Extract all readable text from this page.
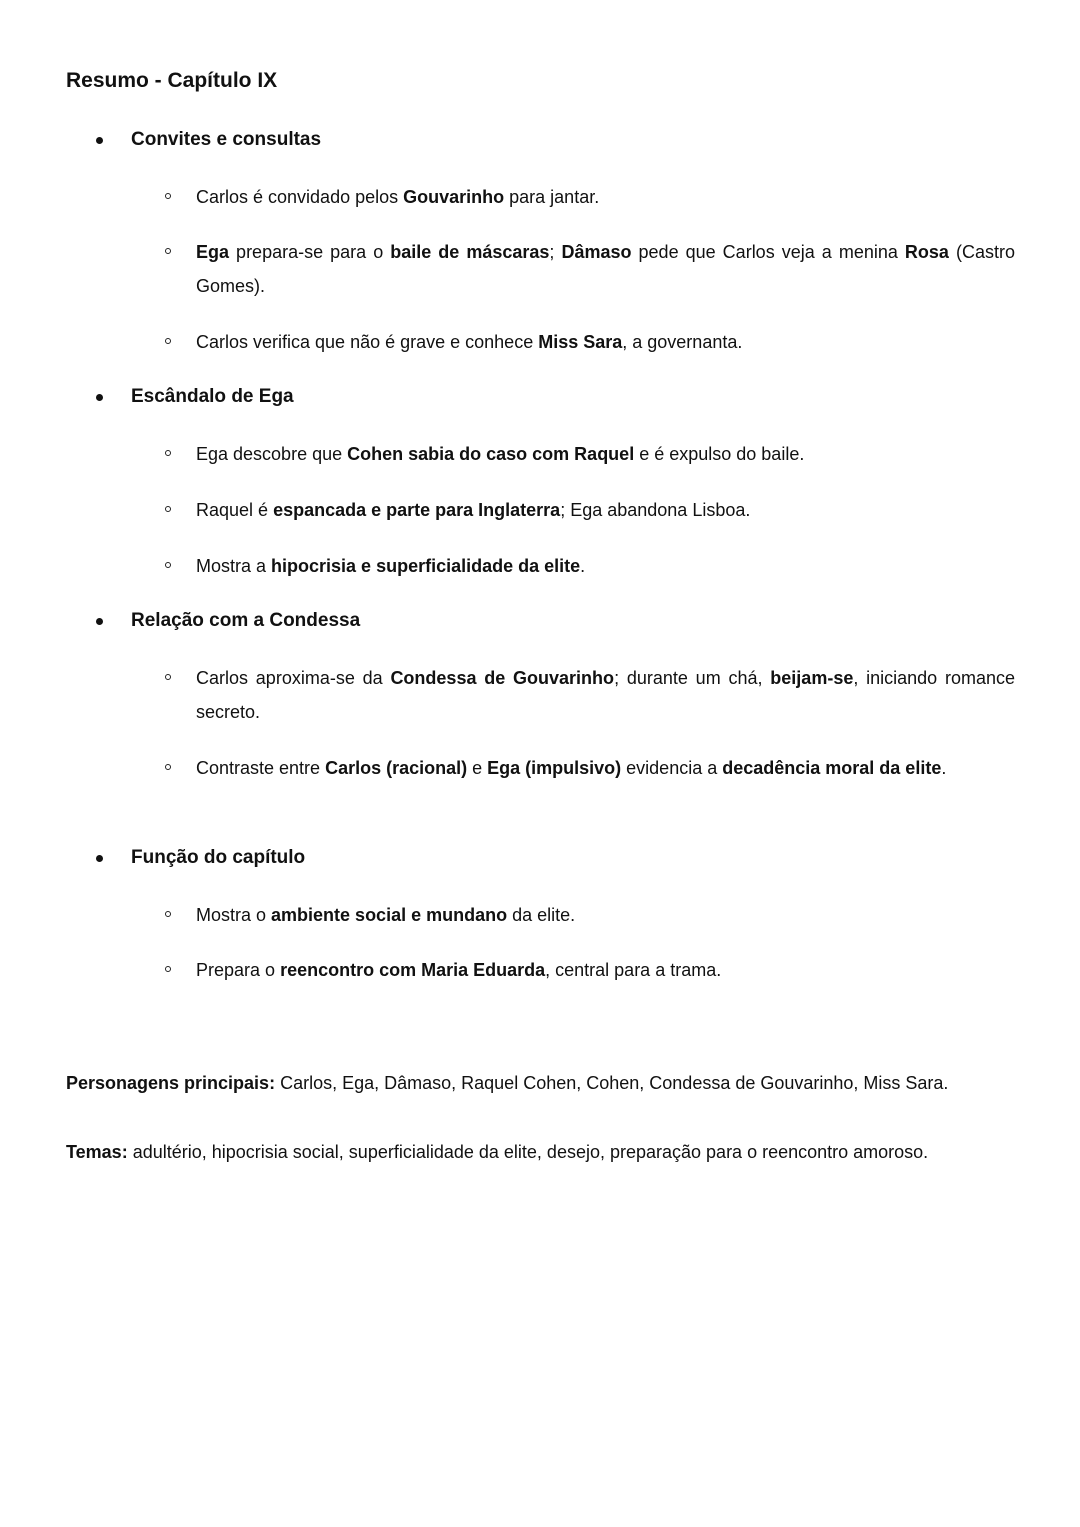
Resumo - Capítulo IX
Convites e consultas
Carlos é convidado pelos Gouvarinho para jantar.
Ega prepara-se para o baile de máscaras; Dâmaso pede que Carlos veja a menina Rosa (Castro Gomes).
Carlos verifica que não é grave e conhece Miss Sara, a governanta.
Escândalo de Ega
Ega descobre que Cohen sabia do caso com Raquel e é expulso do baile.
Raquel é espancada e parte para Inglaterra; Ega abandona Lisboa.
Mostra a hipocrisia e superficialidade da elite.
Relação com a Condessa
Carlos aproxima-se da Condessa de Gouvarinho; durante um chá, beijam-se, iniciando romance secreto.
Contraste entre Carlos (racional) e Ega (impulsivo) evidencia a decadência moral da elite.
Função do capítulo
Mostra o ambiente social e mundano da elite.
Prepara o reencontro com Maria Eduarda, central para a trama.

Personagens principais: Carlos, Ega, Dâmaso, Raquel Cohen, Cohen, Condessa de Gouvarinho, Miss Sara.

Temas: adultério, hipocrisia social, superficialidade da elite, desejo, preparação para o reencontro amoroso.
